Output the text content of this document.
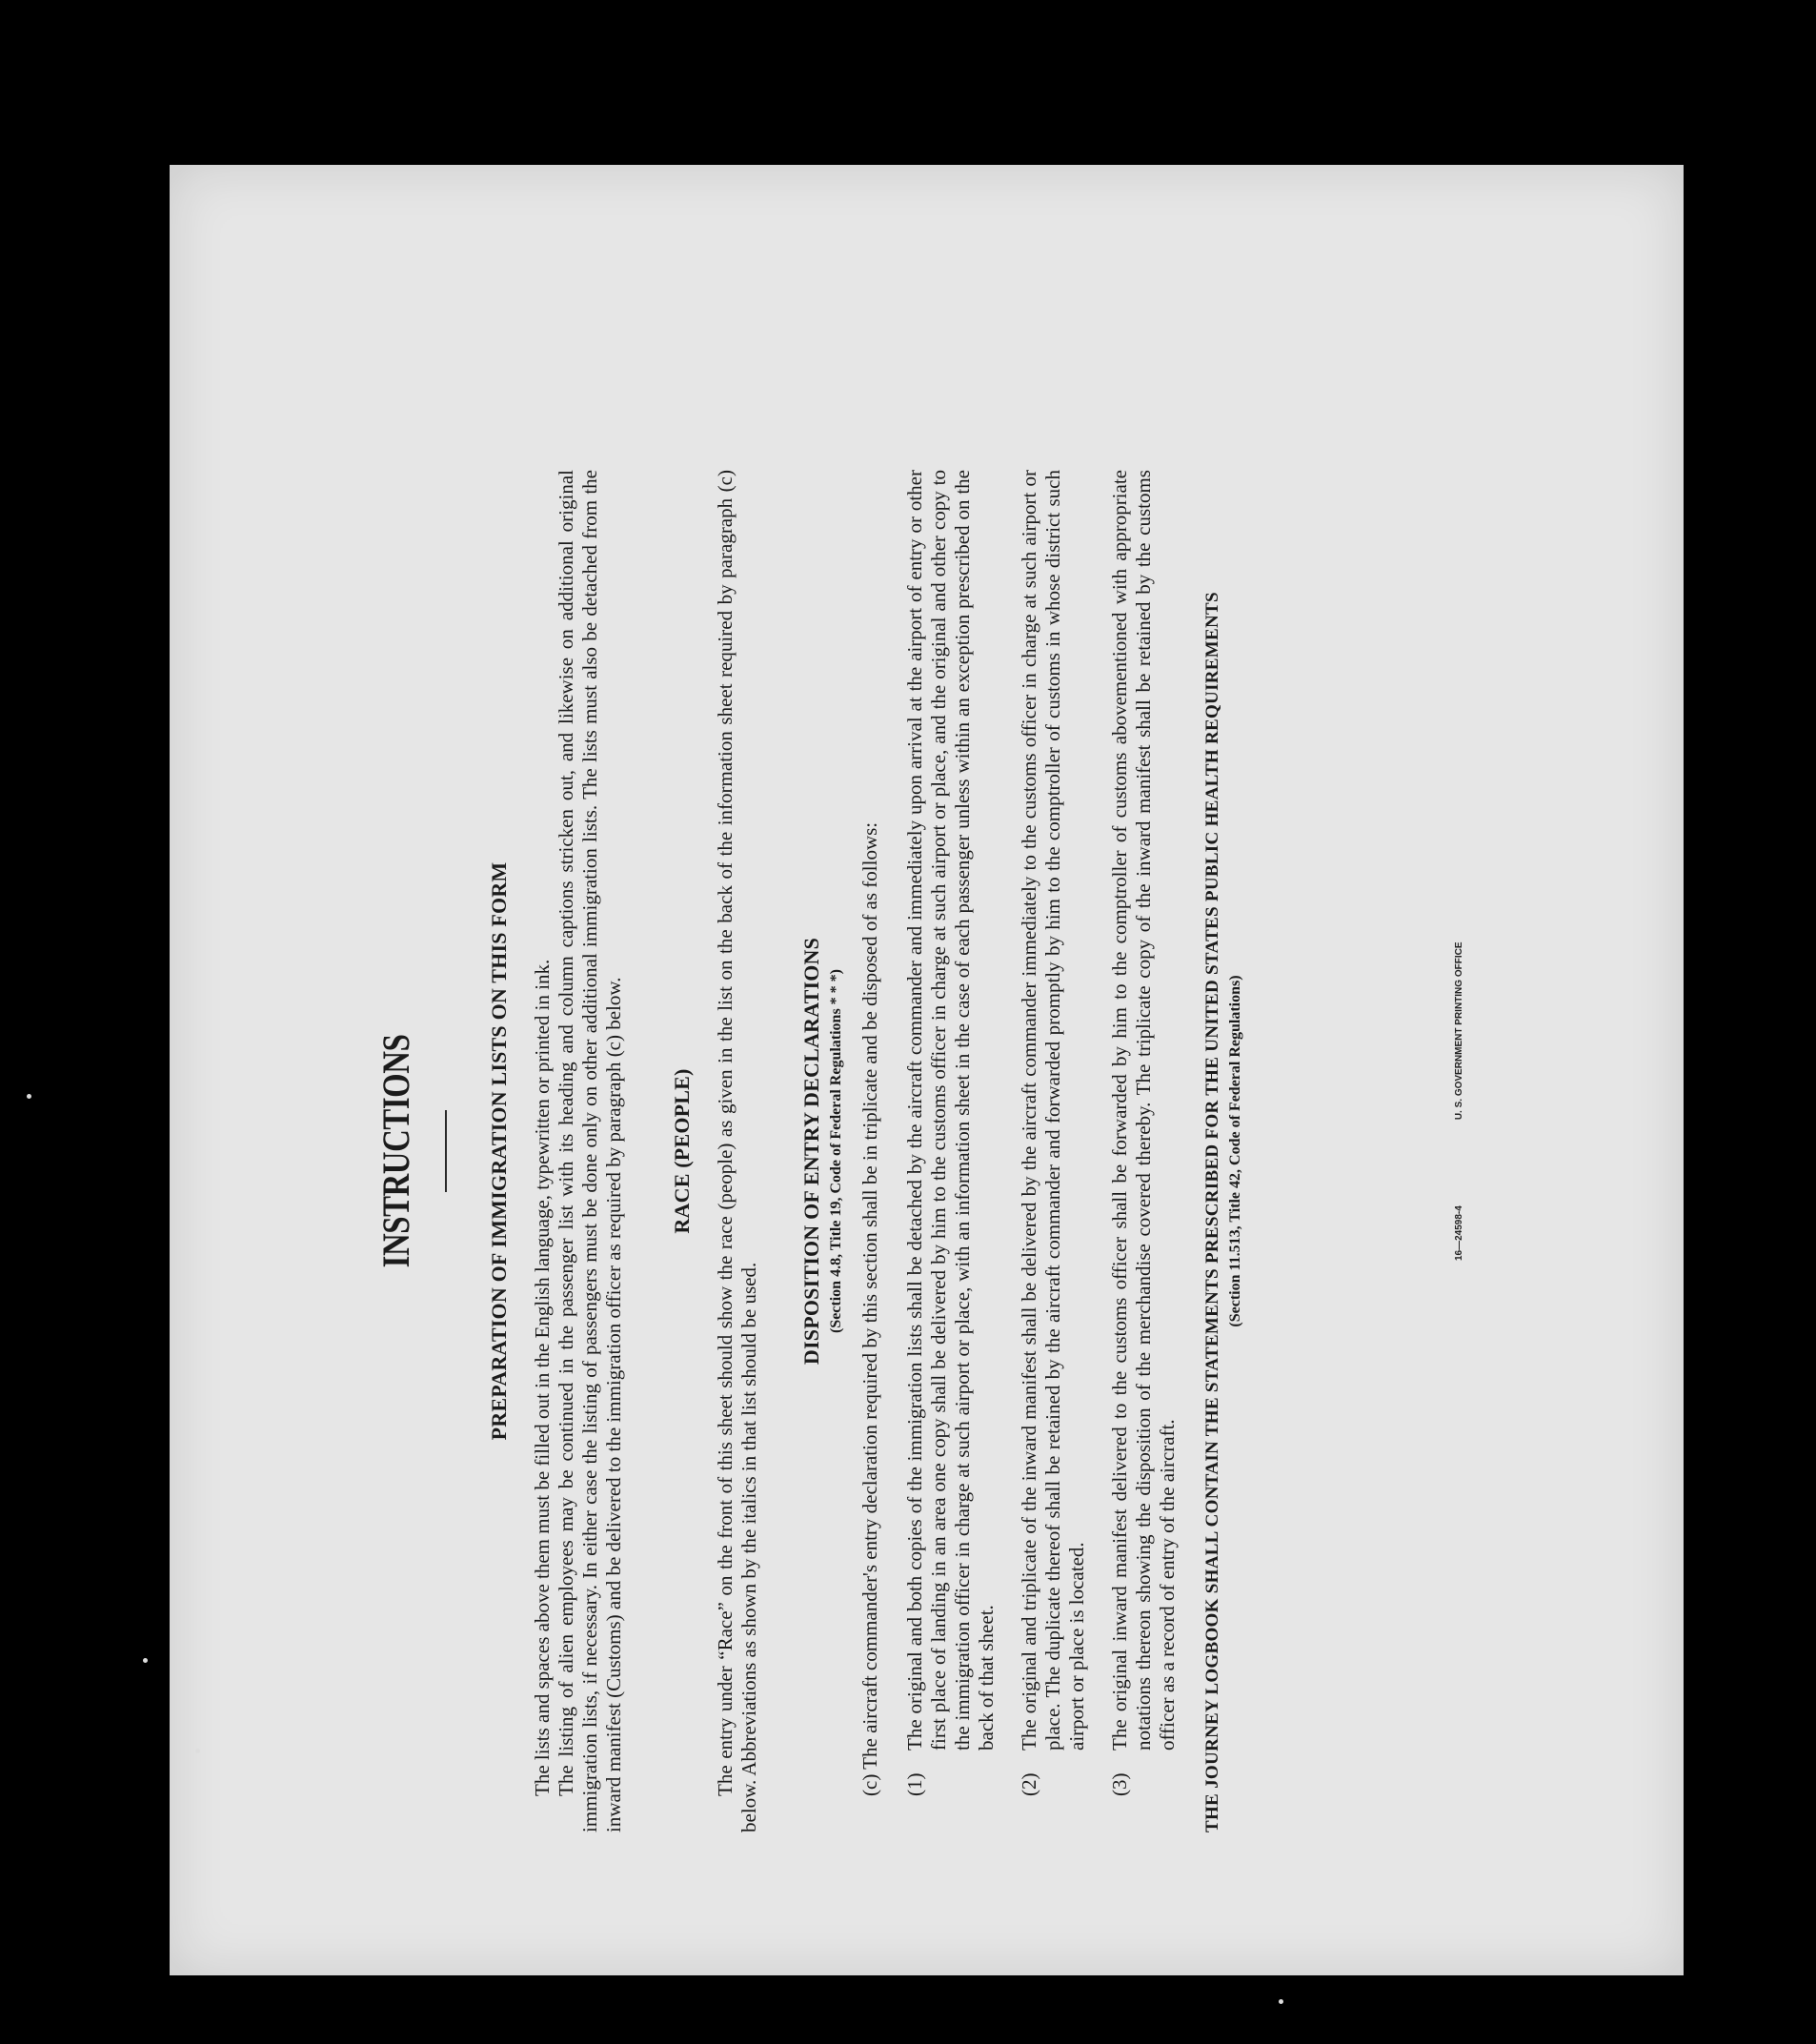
INSTRUCTIONS	PREPARATION OF IMMIGRATION LISTS ON THIS FORM The lists and spaces above them must be filled out in the English language, typewritten or printed in ink. The listing of alien employees may be continued in the passenger list with its heading and column captions stricken out, and likewise on additional original immigration lists, if necessary. In either case the listing of passengers must be done only on other additional immigration lists. The lists must also be detached from the inward manifest (Customs) and be delivered to the immigration officer as required by paragraph (c) below. RACE (PEOPLE) The entry under “Race” on the front of this sheet should show the race (people) as given in the list on the back of the information sheet required by paragraph (c) below. Abbreviations as shown by the italics in that list should be used.

DISPOSITION OF ENTRY DECLARATIONS (Section 4.8, Title 19, Code of Federal Regulations * * *) (c) The aircraft commander's entry declaration required by this section shall be in triplicate and be disposed of as follows: (1)
The original and both copies of the immigration lists shall be detached by the aircraft commander and immediately upon arrival at the airport of entry or other first place of landing in an area one copy shall be delivered by him to the customs officer in charge at such airport or place, and the original and other copy to the immigration officer in charge at such airport or place, with an information sheet in the case of each passenger unless within an exception prescribed on the back of that sheet.
(2)
The original and triplicate of the inward manifest shall be delivered by the aircraft commander immediately to the customs officer in charge at such airport or place. The duplicate thereof shall be retained by the aircraft commander and forwarded promptly by him to the comptroller of customs in whose district such airport or place is located.
(3)
The original inward manifest delivered to the customs officer shall be forwarded by him to the comptroller of customs abovementioned with appropriate notations thereon showing the disposition of the merchandise covered thereby. The triplicate copy of the inward manifest shall be retained by the customs officer as a record of entry of the aircraft. THE JOURNEY LOGBOOK SHALL CONTAIN THE STATEMENTS PRESCRIBED FOR THE UNITED STATES PUBLIC HEALTH REQUIREMENTS (Section 11.513, Title 42, Code of Federal Regulations)	16—24598-4
U. S. GOVERNMENT PRINTING OFFICE
